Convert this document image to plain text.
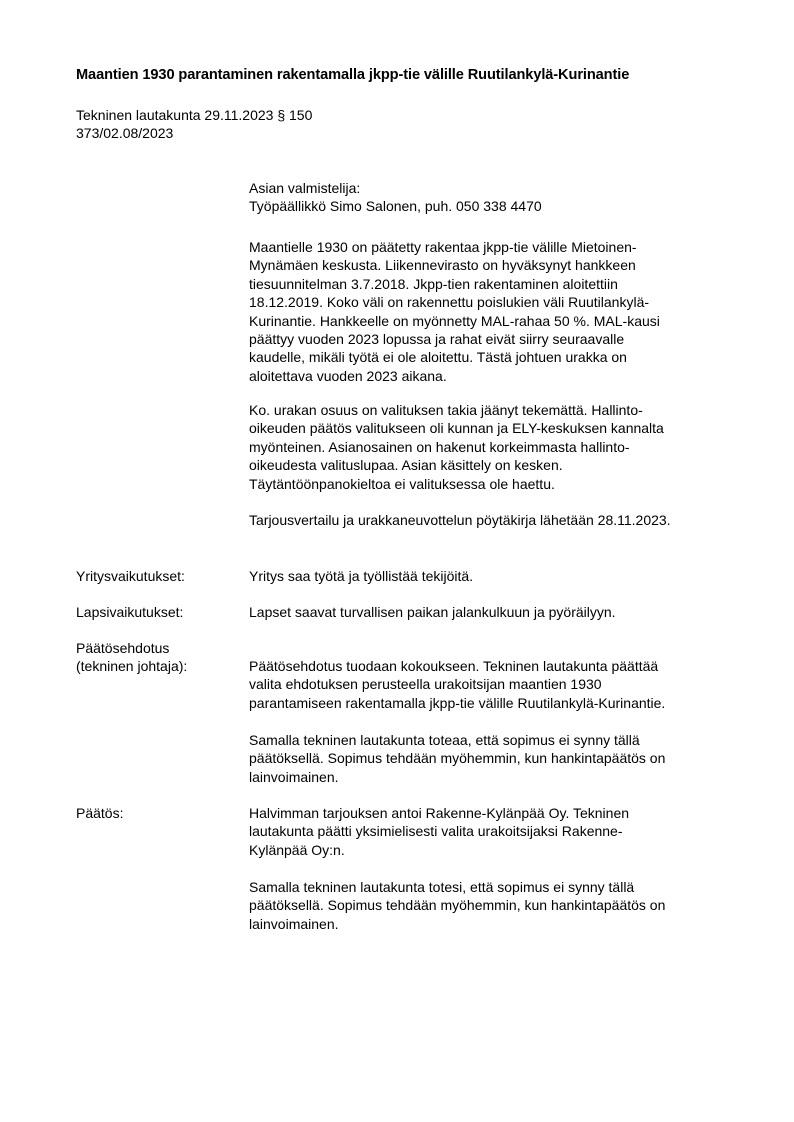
Maantien 1930 parantaminen rakentamalla jkpp-tie välille Ruutilankylä-Kurinantie
Tekninen lautakunta 29.11.2023 § 150
373/02.08/2023
Asian valmistelija:
Työpäällikkö Simo Salonen, puh. 050 338 4470
Maantielle 1930 on päätetty rakentaa jkpp-tie välille Mietoinen-
Mynämäen keskusta. Liikennevirasto on hyväksynyt hankkeen
tiesuunnitelman 3.7.2018. Jkpp-tien rakentaminen aloitettiin
18.12.2019. Koko väli on rakennettu poislukien väli Ruutilankylä-
Kurinantie. Hankkeelle on myönnetty MAL-rahaa 50 %. MAL-kausi
päättyy vuoden 2023 lopussa ja rahat eivät siirry seuraavalle
kaudelle, mikäli työtä ei ole aloitettu. Tästä johtuen urakka on
aloitettava vuoden 2023 aikana.
Ko. urakan osuus on valituksen takia jäänyt tekemättä. Hallinto-
oikeuden päätös valitukseen oli kunnan ja ELY-keskuksen kannalta
myönteinen. Asianosainen on hakenut korkeimmasta hallinto-
oikeudesta valituslupaa. Asian käsittely on kesken.
Täytäntöönpanokieltoa ei valituksessa ole haettu.
Tarjousvertailu ja urakkaneuvottelun pöytäkirja lähetään 28.11.2023.
Yritysvaikutukset:	Yritys saa työtä ja työllistää tekijöitä.
Lapsivaikutukset:	Lapset saavat turvallisen paikan jalankulkuun ja pyöräilyyn.
Päätösehdotus
(tekninen johtaja):	Päätösehdotus tuodaan kokoukseen. Tekninen lautakunta päättää
valita ehdotuksen perusteella urakoitsijan maantien 1930
parantamiseen rakentamalla jkpp-tie välille Ruutilankylä-Kurinantie.
Samalla tekninen lautakunta toteaa, että sopimus ei synny tällä
päätöksellä. Sopimus tehdään myöhemmin, kun hankintapäätös on
lainvoimainen.
Päätös:	Halvimman tarjouksen antoi Rakenne-Kylänpää Oy. Tekninen
lautakunta päätti yksimielisesti valita urakoitsijaksi Rakenne-
Kylänpää Oy:n.
Samalla tekninen lautakunta totesi, että sopimus ei synny tällä
päätöksellä. Sopimus tehdään myöhemmin, kun hankintapäätös on
lainvoimainen.
